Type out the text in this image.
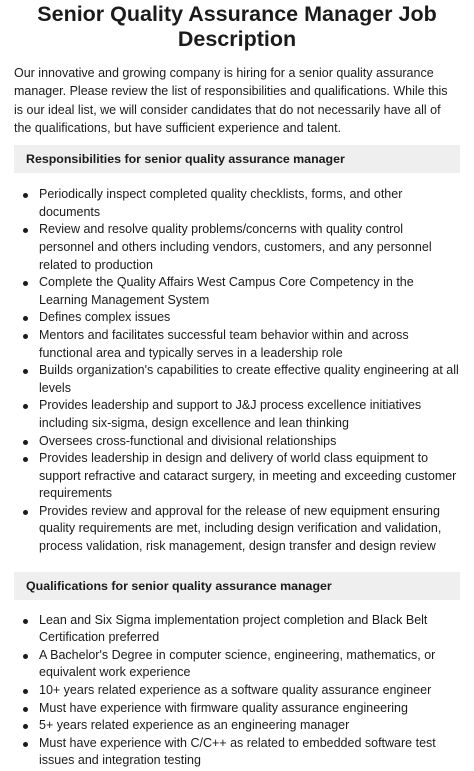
Senior Quality Assurance Manager Job Description

Our innovative and growing company is hiring for a senior quality assurance manager. Please review the list of responsibilities and qualifications. While this is our ideal list, we will consider candidates that do not necessarily have all of the qualifications, but have sufficient experience and talent.

Responsibilities for senior quality assurance manager
Periodically inspect completed quality checklists, forms, and other documents
Review and resolve quality problems/concerns with quality control personnel and others including vendors, customers, and any personnel related to production
Complete the Quality Affairs West Campus Core Competency in the Learning Management System
Defines complex issues
Mentors and facilitates successful team behavior within and across functional area and typically serves in a leadership role
Builds organization's capabilities to create effective quality engineering at all levels
Provides leadership and support to J&J process excellence initiatives including six-sigma, design excellence and lean thinking
Oversees cross-functional and divisional relationships
Provides leadership in design and delivery of world class equipment to support refractive and cataract surgery, in meeting and exceeding customer requirements
Provides review and approval for the release of new equipment ensuring quality requirements are met, including design verification and validation, process validation, risk management, design transfer and design review
Qualifications for senior quality assurance manager
Lean and Six Sigma implementation project completion and Black Belt Certification preferred
A Bachelor's Degree in computer science, engineering, mathematics, or equivalent work experience
10+ years related experience as a software quality assurance engineer
Must have experience with firmware quality assurance engineering
5+ years related experience as an engineering manager
Must have experience with C/C++ as related to embedded software test issues and integration testing
